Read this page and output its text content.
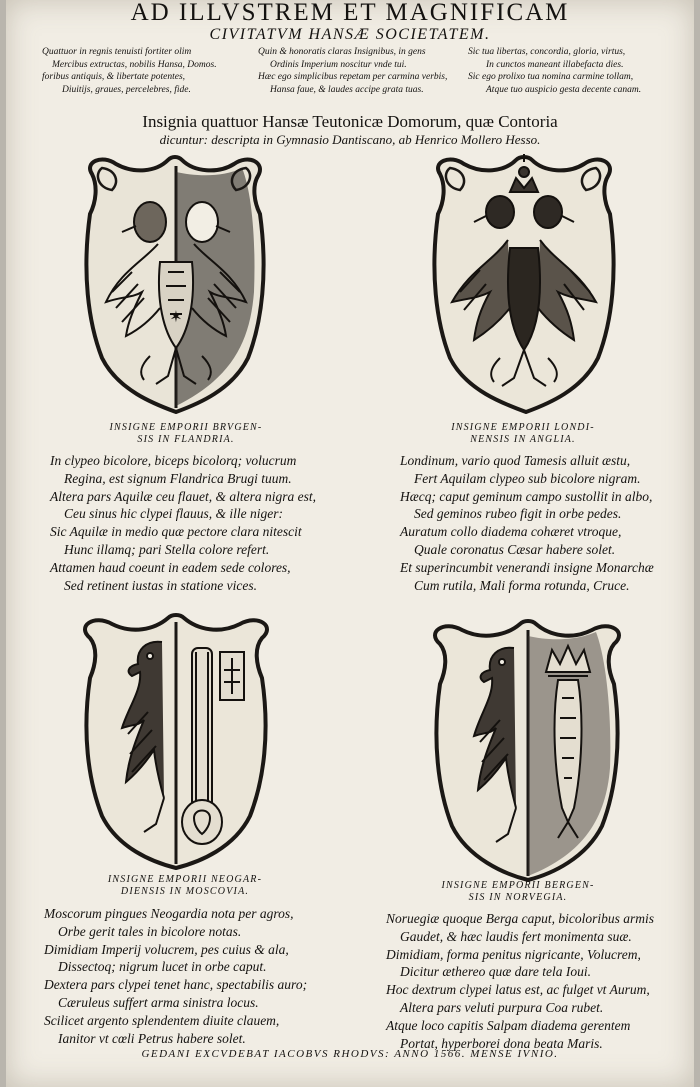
AD ILLVSTREM ET MAGNIFICAM
CIVITATVM HANSÆ SOCIETATEM.
Quattuor in regnis tenuisti fortiter olim
Mercibus extructas, nobilis Hansa, Domos.
foribus antiquis, & libertate potentes,
Diuitijs, graues, percelebres, fide.
Quin & honoratis claras Insignibus, in gens
Ordinis Imperium noscitur vnde tui.
Hæc ego simplicibus repetam per carmina verbis,
Hansa faue, & laudes accipe grata tuas.
Sic tua libertas, concordia, gloria, virtus,
In cunctos maneant illabefacta dies.
Sic ego prolixo tua nomina carmine tollam,
Atque tuo auspicio gesta decente canam.
Insignia quattuor Hansæ Teutonicæ Domorum, quæ Contoria
dicuntur: descripta in Gymnasio Dantiscano, ab Henrico Mollero Hesso.
✶
INSIGNE EMPORII BRVGEN-
SIS IN FLANDRIA.
INSIGNE EMPORII LONDI-
NENSIS IN ANGLIA.
In clypeo bicolore, biceps bicolorq; volucrum
Regina, est signum Flandrica Brugi tuum.
Altera pars Aquilæ ceu flauet, & altera nigra est,
Ceu sinus hic clypei flauus, & ille niger:
Sic Aquilæ in medio quæ pectore clara nitescit
Hunc illamq; pari Stella colore refert.
Attamen haud coeunt in eadem sede colores,
Sed retinent iustas in statione vices.
Londinum, vario quod Tamesis alluit æstu,
Fert Aquilam clypeo sub bicolore nigram.
Hæcq; caput geminum campo sustollit in albo,
Sed geminos rubeo figit in orbe pedes.
Auratum collo diadema cohæret vtroque,
Quale coronatus Cæsar habere solet.
Et superincumbit venerandi insigne Monarchæ
Cum rutila, Mali forma rotunda, Cruce.
INSIGNE EMPORII NEOGAR-
DIENSIS IN MOSCOVIA.
INSIGNE EMPORII BERGEN-
SIS IN NORVEGIA.
Moscorum pingues Neogardia nota per agros,
Orbe gerit tales in bicolore notas.
Dimidiam Imperij volucrem, pes cuius & ala,
Dissectoq; nigrum lucet in orbe caput.
Dextera pars clypei tenet hanc, spectabilis auro;
Cæruleus suffert arma sinistra locus.
Scilicet argento splendentem diuite clauem,
Ianitor vt cœli Petrus habere solet.
Noruegiæ quoque Berga caput, bicoloribus armis
Gaudet, & hæc laudis fert monimenta suæ.
Dimidiam, forma penitus nigricante, Volucrem,
Dicitur æthereo quæ dare tela Ioui.
Hoc dextrum clypei latus est, ac fulget vt Aurum,
Altera pars veluti purpura Coa rubet.
Atque loco capitis Salpam diadema gerentem
Portat, hyperborei dona beata Maris.
GEDANI EXCVDEBAT IACOBVS RHODVS: ANNO 1566. MENSE IVNIO.
